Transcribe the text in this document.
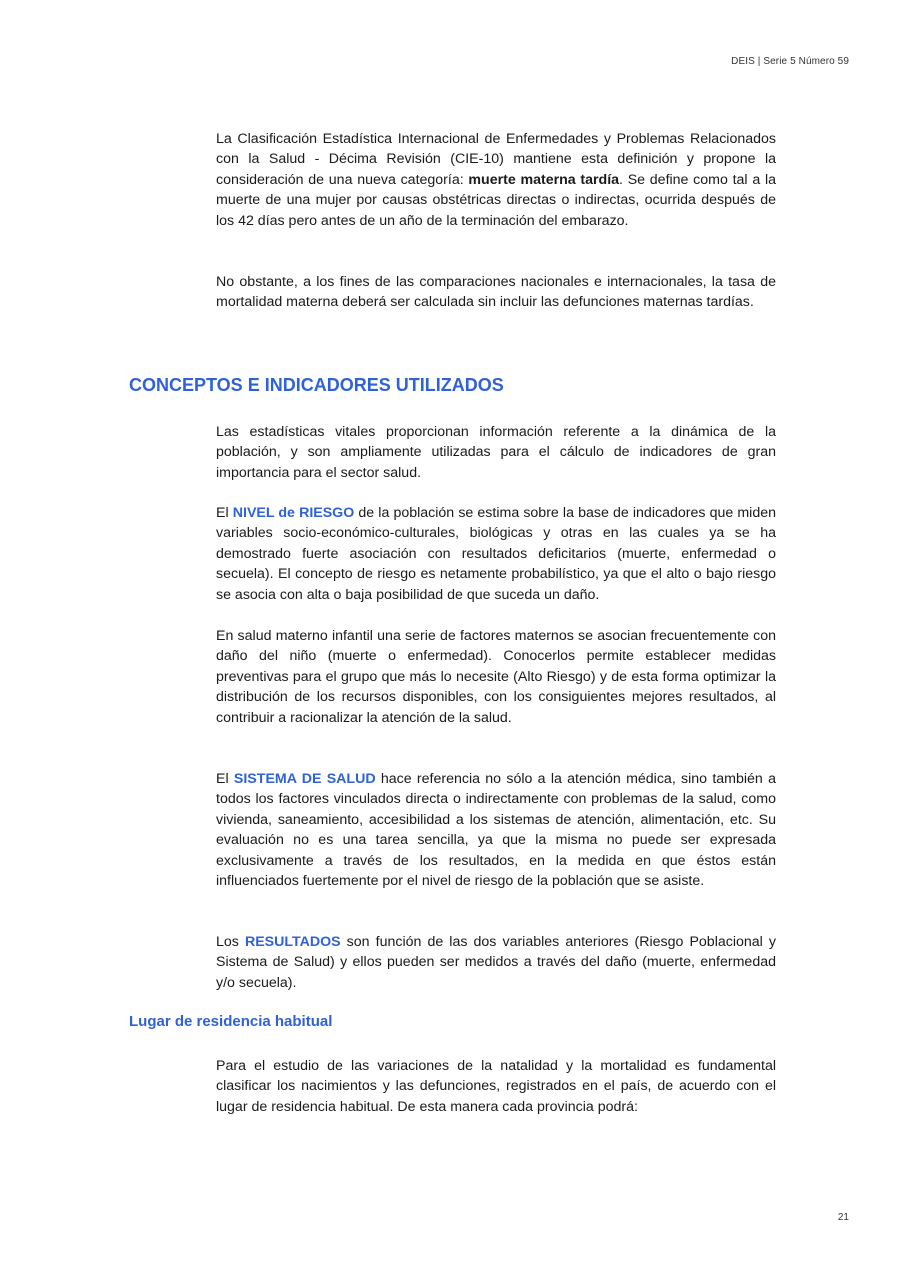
DEIS | Serie 5 Número 59

La Clasificación Estadística Internacional de Enfermedades y Problemas Relacionados con la Salud - Décima Revisión (CIE-10) mantiene esta definición y propone la consideración de una nueva categoría: muerte materna tardía. Se define como tal a la muerte de una mujer por causas obstétricas directas o indirectas, ocurrida después de los 42 días pero antes de un año de la terminación del embarazo.

No obstante, a los fines de las comparaciones nacionales e internacionales, la tasa de mortalidad materna deberá ser calculada sin incluir las defunciones maternas tardías.

CONCEPTOS E INDICADORES UTILIZADOS

Las estadísticas vitales proporcionan información referente a la dinámica de la población, y son ampliamente utilizadas para el cálculo de indicadores de gran importancia para el sector salud.

El NIVEL de RIESGO de la población se estima sobre la base de indicadores que miden variables socio-económico-culturales, biológicas y otras en las cuales ya se ha demostrado fuerte asociación con resultados deficitarios (muerte, enfermedad o secuela). El concepto de riesgo es netamente probabilístico, ya que el alto o bajo riesgo se asocia con alta o baja posibilidad de que suceda un daño.

En salud materno infantil una serie de factores maternos se asocian frecuentemente con daño del niño (muerte o enfermedad). Conocerlos permite establecer medidas preventivas para el grupo que más lo necesite (Alto Riesgo) y de esta forma optimizar la distribución de los recursos disponibles, con los consiguientes mejores resultados, al contribuir a racionalizar la atención de la salud.

El SISTEMA DE SALUD hace referencia no sólo a la atención médica, sino también a todos los factores vinculados directa o indirectamente con problemas de la salud, como vivienda, saneamiento, accesibilidad a los sistemas de atención, alimentación, etc. Su evaluación no es una tarea sencilla, ya que la misma no puede ser expresada exclusivamente a través de los resultados, en la medida en que éstos están influenciados fuertemente por el nivel de riesgo de la población que se asiste.

Los RESULTADOS son función de las dos variables anteriores (Riesgo Poblacional y Sistema de Salud) y ellos pueden ser medidos a través del daño (muerte, enfermedad y/o secuela).

Lugar de residencia habitual

Para el estudio de las variaciones de la natalidad y la mortalidad es fundamental clasificar los nacimientos y las defunciones, registrados en el país, de acuerdo con el lugar de residencia habitual. De esta manera cada provincia podrá:

21
